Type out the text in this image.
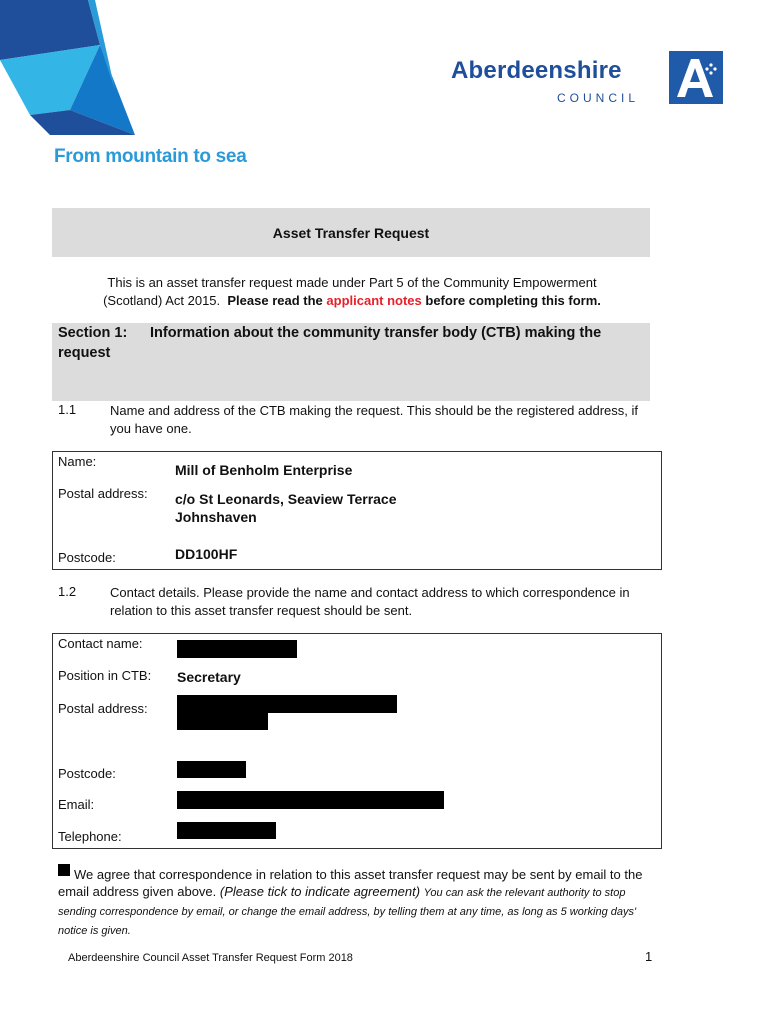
Aberdeenshire
COUNCIL
From mountain to sea
Asset Transfer Request
This is an asset transfer request made under Part 5 of the Community Empowerment
(Scotland) Act 2015. Please read the applicant notes before completing this form.
Section 1: Information about the community transfer body (CTB) making the
request
1.1	Name and address of the CTB making the request. This should be the registered address, if you have one.
Name:
Mill of Benholm Enterprise
Postal address: c/o St Leonards, Seaview Terrace
Johnshaven
Postcode:	DD100HF
1.2	Contact details. Please provide the name and contact address to which correspondence in relation to this asset transfer request should be sent.
Contact name:
Position in CTB: Secretary
Postal address:
Postcode:
Email:
Telephone:
We agree that correspondence in relation to this asset transfer request may be sent by email to the email address given above. (Please tick to indicate agreement) You can ask the relevant authority to stop sending correspondence by email, or change the email address, by telling them at any time, as long as 5 working days' notice is given.
Aberdeenshire Council Asset Transfer Request Form 2018	1
